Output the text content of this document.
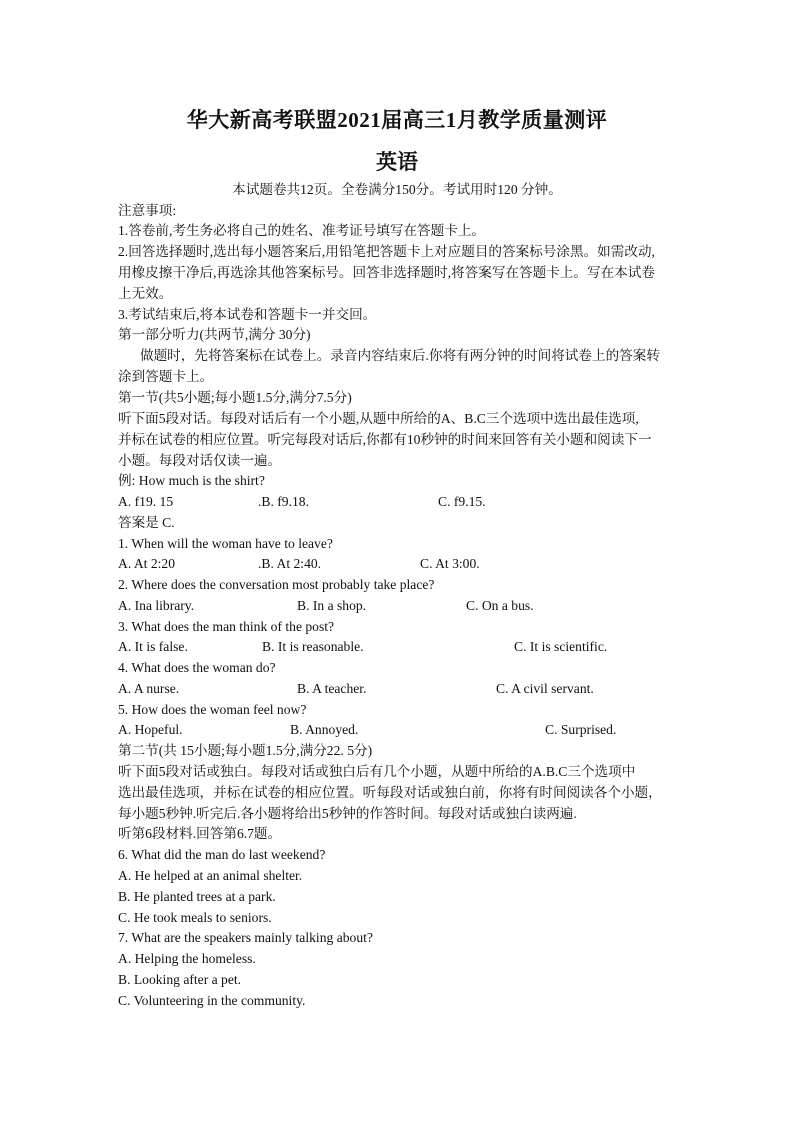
华大新高考联盟2021届高三1月教学质量测评
英语
本试题卷共12页。全卷满分150分。考试用时120 分钟。
注意事项:
1.答卷前,考生务必将自己的姓名、准考证号填写在答题卡上。
2.回答选择题时,选出每小题答案后,用铅笔把答题卡上对应题目的答案标号涂黑。如需改动,
用橡皮擦干净后,再选涂其他答案标号。回答非选择题时,将答案写在答题卡上。写在本试卷
上无效。
3.考试结束后,将本试卷和答题卡一并交回。
第一部分听力(共两节,满分 30分)
做题时，先将答案标在试卷上。录音内容结束后.你将有两分钟的时间将试卷上的答案转
涂到答题卡上。
第一节(共5小题;每小题1.5分,满分7.5分)
听下面5段对话。每段对话后有一个小题,从题中所给的A、B.C三个选项中选出最佳选项,
并标在试卷的相应位置。听完每段对话后,你都有10秒钟的时间来回答有关小题和阅读下一
小题。每段对话仅读一遍。
例: How much is the shirt?
A. f19. 15	.B. f9.18.	C. f9.15.
答案是 C.
1. When will the woman have to leave?
A. At 2:20	.B. At 2:40.	C. At 3:00.
2. Where does the conversation most probably take place?
A. Ina library.	B. In a shop.	C. On a bus.
3. What does the man think of the post?
A. It is false.	B. It is reasonable.	C. It is scientific.
4. What does the woman do?
A. A nurse.	B. A teacher.	C. A civil servant.
5. How does the woman feel now?
A. Hopeful.	B. Annoyed.	C. Surprised.
第二节(共 15小题;每小题1.5分,满分22. 5分)
听下面5段对话或独白。每段对话或独白后有几个小题，从题中所给的A.B.C三个选项中
选出最佳选项，并标在试卷的相应位置。听每段对话或独白前，你将有时间阅读各个小题，
每小题5秒钟.听完后.各小题将给出5秒钟的作答时间。每段对话或独白读两遍.
听第6段材料.回答第6.7题。
6. What did the man do last weekend?
A. He helped at an animal shelter.
B. He planted trees at a park.
C. He took meals to seniors.
7. What are the speakers mainly talking about?
A. Helping the homeless.
B. Looking after a pet.
C. Volunteering in the community.
